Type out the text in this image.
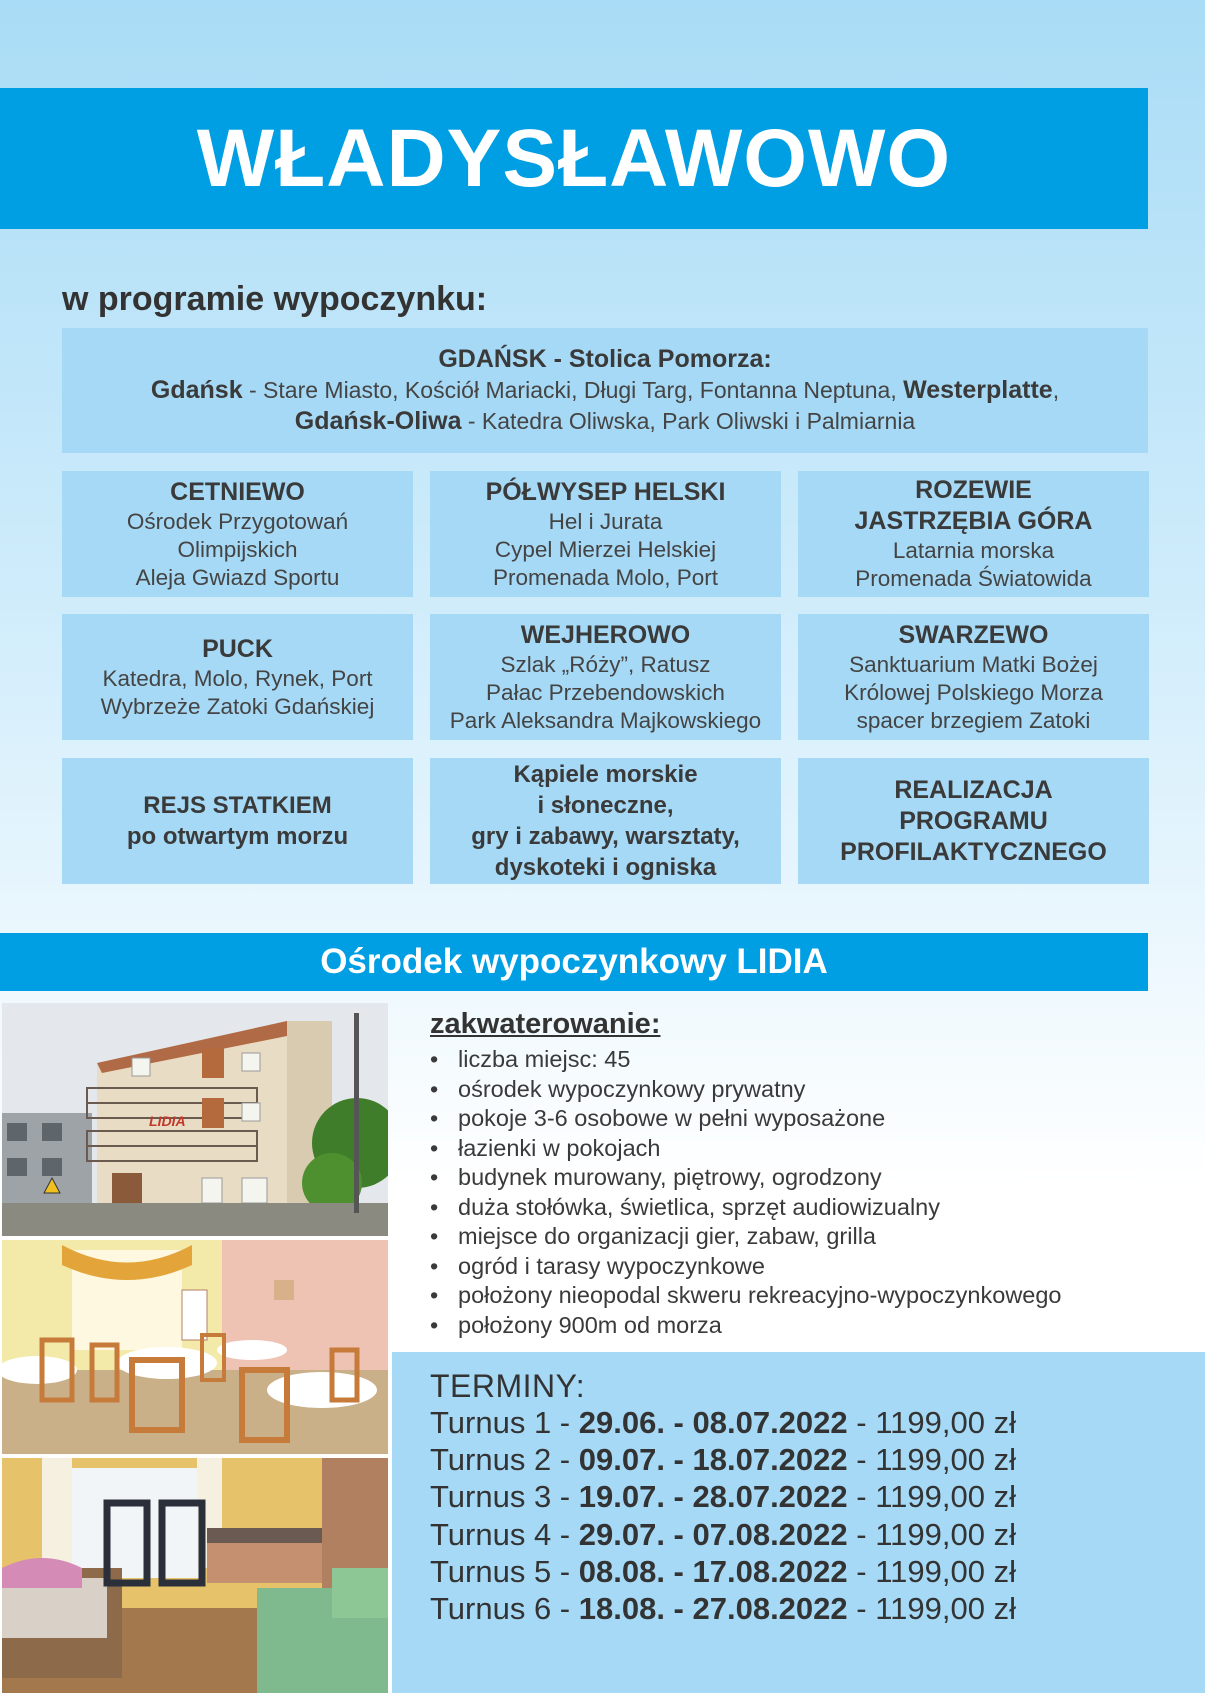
WŁADYSŁAWOWO
w programie wypoczynku:
GDAŃSK - Stolica Pomorza:
Gdańsk - Stare Miasto, Kościół Mariacki, Długi Targ, Fontanna Neptuna, Westerplatte,
Gdańsk-Oliwa - Katedra Oliwska, Park Oliwski i Palmiarnia
CETNIEWO
Ośrodek Przygotowań
Olimpijskich
Aleja Gwiazd Sportu
PÓŁWYSEP HELSKI
Hel i Jurata
Cypel Mierzei Helskiej
Promenada Molo, Port
ROZEWIE
JASTRZĘBIA GÓRA
Latarnia morska
Promenada Światowida
PUCK
Katedra, Molo, Rynek, Port
Wybrzeże Zatoki Gdańskiej
WEJHEROWO
Szlak „Róży”, Ratusz
Pałac Przebendowskich
Park Aleksandra Majkowskiego
SWARZEWO
Sanktuarium Matki Bożej
Królowej Polskiego Morza
spacer brzegiem Zatoki
REJS STATKIEM
po otwartym morzu
Kąpiele morskie
i słoneczne,
gry i zabawy, warsztaty,
dyskoteki i ogniska
REALIZACJA
PROGRAMU
PROFILAKTYCZNEGO
Ośrodek wypoczynkowy LIDIA
LIDIA
zakwaterowanie:
• liczba miejsc: 45
• ośrodek wypoczynkowy prywatny
• pokoje 3-6 osobowe w pełni wyposażone
• łazienki w pokojach
• budynek murowany, piętrowy, ogrodzony
• duża stołówka, świetlica, sprzęt audiowizualny
• miejsce do organizacji gier, zabaw, grilla
• ogród i tarasy wypoczynkowe
• położony nieopodal skweru rekreacyjno-wypoczynkowego
• położony 900m od morza
TERMINY:
Turnus 1 - 29.06. - 08.07.2022 - 1199,00 zł
Turnus 2 - 09.07. - 18.07.2022 - 1199,00 zł
Turnus 3 - 19.07. - 28.07.2022 - 1199,00 zł
Turnus 4 - 29.07. - 07.08.2022 - 1199,00 zł
Turnus 5 - 08.08. - 17.08.2022 - 1199,00 zł
Turnus 6 - 18.08. - 27.08.2022 - 1199,00 zł
